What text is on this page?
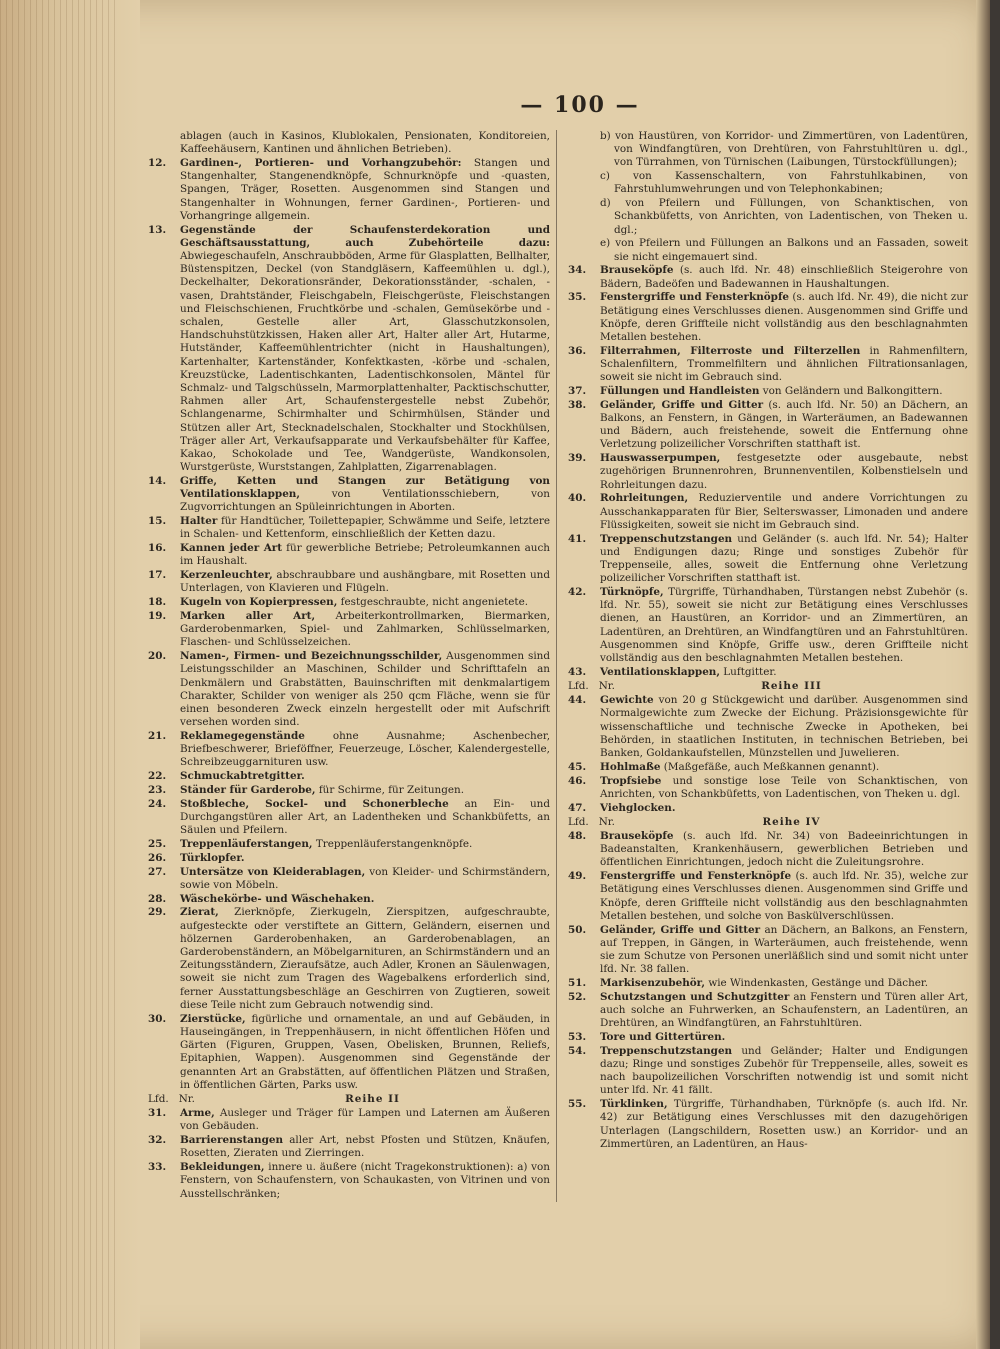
— 100 —
ablagen (auch in Kasinos, Klublokalen, Pensionaten, Konditoreien, Kaffeehäusern, Kantinen und ähnlichen Betrieben).
12. Gardinen-, Portieren- und Vorhangzubehör: Stangen und Stangenhalter, Stangenendknöpfe, Schnurknöpfe und -quasten, Spangen, Träger, Rosetten. Ausgenommen sind Stangen und Stangenhalter in Wohnungen, ferner Gardinen-, Portieren- und Vorhangringe allgemein.
13. Gegenstände der Schaufensterdekoration und Geschäftsausstattung, auch Zubehörteile dazu: Abwiegeschaufeln, Anschraubböden, Arme für Glasplatten, Bellhalter, Büstenspitzen, Deckel (von Standgläsern, Kaffeemühlen u. dgl.), Deckelhalter, Dekorationsränder, Dekorationsständer, -schalen, -vasen, Drahtständer, Fleischgabeln, Fleischgerüste, Fleischstangen und Fleischschienen, Fruchtkörbe und -schalen, Gemüsekörbe und -schalen, Gestelle aller Art, Glasschutzkonsolen, Handschuhstützkissen, Haken aller Art, Halter aller Art, Hutarme, Hutständer, Kaffeemühlentrichter (nicht in Haushaltungen), Kartenhalter, Kartenständer, Konfektkasten, -körbe und -schalen, Kreuzstücke, Ladentischkanten, Ladentischkonsolen, Mäntel für Schmalz- und Talgschüsseln, Marmorplattenhalter, Packtischschutter, Rahmen aller Art, Schaufenstergestelle nebst Zubehör, Schlangenarme, Schirmhalter und Schirmhülsen, Ständer und Stützen aller Art, Stecknadelschalen, Stockhalter und Stockhülsen, Träger aller Art, Verkaufsapparate und Verkaufsbehälter für Kaffee, Kakao, Schokolade und Tee, Wandgerüste, Wandkonsolen, Wurstgerüste, Wurststangen, Zahlplatten, Zigarrenablagen.
14. Griffe, Ketten und Stangen zur Betätigung von Ventilationsklappen, von Ventilationsschiebern, von Zugvorrichtungen an Spüleinrichtungen in Aborten.
15. Halter für Handtücher, Toilettepapier, Schwämme und Seife, letztere in Schalen- und Kettenform, einschließlich der Ketten dazu.
16. Kannen jeder Art für gewerbliche Betriebe; Petroleumkannen auch im Haushalt.
17. Kerzenleuchter, abschraubbare und aushängbare, mit Rosetten und Unterlagen, von Klavieren und Flügeln.
18. Kugeln von Kopierpressen, festgeschraubte, nicht angenietete.
19. Marken aller Art, Arbeiterkontrollmarken, Biermarken, Garderobenmarken, Spiel- und Zahlmarken, Schlüsselmarken, Flaschen- und Schlüsselzeichen.
20. Namen-, Firmen- und Bezeichnungsschilder, Ausgenommen sind Leistungsschilder an Maschinen, Schilder und Schrifttafeln an Denkmälern und Grabstätten, Bauinschriften mit denkmalartigem Charakter, Schilder von weniger als 250 qcm Fläche, wenn sie für einen besonderen Zweck einzeln hergestellt oder mit Aufschrift versehen worden sind.
21. Reklamegegenstände ohne Ausnahme; Aschenbecher, Briefbeschwerer, Brieföffner, Feuerzeuge, Löscher, Kalendergestelle, Schreibzeuggarnituren usw.
22. Schmuckabtretgitter.
23. Ständer für Garderobe, für Schirme, für Zeitungen.
24. Stoßbleche, Sockel- und Schonerbleche an Ein- und Durchgangstüren aller Art, an Ladentheken und Schankbüfetts, an Säulen und Pfeilern.
25. Treppenläuferstangen, Treppenläuferstangenknöpfe.
26. Türklopfer.
27. Untersätze von Kleiderablagen, von Kleider- und Schirmständern, sowie von Möbeln.
28. Wäschekörbe- und Wäschehaken.
29. Zierat, Zierknöpfe, Zierkugeln, Zierspitzen, aufgeschraubte, aufgesteckte oder verstiftete an Gittern, Geländern, eisernen und hölzernen Garderobenhaken, an Garderobenablagen, an Garderobenständern, an Möbelgarnituren, an Schirmständern und an Zeitungsständern, Zieraufsätze, auch Adler, Kronen an Säulenwagen, soweit sie nicht zum Tragen des Wagebalkens erforderlich sind, ferner Ausstattungsbeschläge an Geschirren von Zugtieren, soweit diese Teile nicht zum Gebrauch notwendig sind.
30. Zierstücke, figürliche und ornamentale, an und auf Gebäuden, in Hauseingängen, in Treppenhäusern, in nicht öffentlichen Höfen und Gärten (Figuren, Gruppen, Vasen, Obelisken, Brunnen, Reliefs, Epitaphien, Wappen). Ausgenommen sind Gegenstände der genannten Art an Grabstätten, auf öffentlichen Plätzen und Straßen, in öffentlichen Gärten, Parks usw.
Lfd. Nr.	Reihe II
31. Arme, Ausleger und Träger für Lampen und Laternen am Äußeren von Gebäuden.
32. Barrierenstangen aller Art, nebst Pfosten und Stützen, Knäufen, Rosetten, Zieraten und Zierringen.
33. Bekleidungen, innere u. äußere (nicht Tragekonstruktionen): a) von Fenstern, von Schaufenstern, von Schaukasten, von Vitrinen und von Ausstellschränken;
b) von Haustüren, von Korridor- und Zimmertüren, von Ladentüren, von Windfangtüren, von Drehtüren, von Fahrstuhltüren u. dgl., von Türrahmen, von Türnischen (Laibungen, Türstockfüllungen);
c) von Kassenschaltern, von Fahrstuhlkabinen, von Fahrstuhlumwehrungen und von Telephonkabinen;
d) von Pfeilern und Füllungen, von Schanktischen, von Schankbüfetts, von Anrichten, von Ladentischen, von Theken u. dgl.;
e) von Pfeilern und Füllungen an Balkons und an Fassaden, soweit sie nicht eingemauert sind.
34. Brauseköpfe (s. auch lfd. Nr. 48) einschließlich Steigerohre von Bädern, Badeöfen und Badewannen in Haushaltungen.
35. Fenstergriffe und Fensterknöpfe (s. auch lfd. Nr. 49), die nicht zur Betätigung eines Verschlusses dienen. Ausgenommen sind Griffe und Knöpfe, deren Griffteile nicht vollständig aus den beschlagnahmten Metallen bestehen.
36. Filterrahmen, Filterroste und Filterzellen in Rahmenfiltern, Schalenfiltern, Trommelfiltern und ähnlichen Filtrationsanlagen, soweit sie nicht im Gebrauch sind.
37. Füllungen und Handleisten von Geländern und Balkongittern.
38. Geländer, Griffe und Gitter (s. auch lfd. Nr. 50) an Dächern, an Balkons, an Fenstern, in Gängen, in Warteräumen, an Badewannen und Bädern, auch freistehende, soweit die Entfernung ohne Verletzung polizeilicher Vorschriften statthaft ist.
39. Hauswasserpumpen, festgesetzte oder ausgebaute, nebst zugehörigen Brunnenrohren, Brunnenventilen, Kolbenstielseln und Rohrleitungen dazu.
40. Rohrleitungen, Reduzierventile und andere Vorrichtungen zu Ausschankapparaten für Bier, Selterswasser, Limonaden und andere Flüssigkeiten, soweit sie nicht im Gebrauch sind.
41. Treppenschutzstangen und Geländer (s. auch lfd. Nr. 54); Halter und Endigungen dazu; Ringe und sonstiges Zubehör für Treppenseile, alles, soweit die Entfernung ohne Verletzung polizeilicher Vorschriften statthaft ist.
42. Türknöpfe, Türgriffe, Türhandhaben, Türstangen nebst Zubehör (s. lfd. Nr. 55), soweit sie nicht zur Betätigung eines Verschlusses dienen, an Haustüren, an Korridor- und an Zimmertüren, an Ladentüren, an Drehtüren, an Windfangtüren und an Fahrstuhltüren. Ausgenommen sind Knöpfe, Griffe usw., deren Griffteile nicht vollständig aus den beschlagnahmten Metallen bestehen.
43. Ventilationsklappen, Luftgitter.
Lfd. Nr.	Reihe III
44. Gewichte von 20 g Stückgewicht und darüber. Ausgenommen sind Normalgewichte zum Zwecke der Eichung. Präzisionsgewichte für wissenschaftliche und technische Zwecke in Apotheken, bei Behörden, in staatlichen Instituten, in technischen Betrieben, bei Banken, Goldankaufstellen, Münzstellen und Juwelieren.
45. Hohlmaße (Maßgefäße, auch Meßkannen genannt).
46. Tropfsiebe und sonstige lose Teile von Schanktischen, von Anrichten, von Schankbüfetts, von Ladentischen, von Theken u. dgl.
47. Viehglocken.
Lfd. Nr.	Reihe IV
48. Brauseköpfe (s. auch lfd. Nr. 34) von Badeeinrichtungen in Badeanstalten, Krankenhäusern, gewerblichen Betrieben und öffentlichen Einrichtungen, jedoch nicht die Zuleitungsrohre.
49. Fenstergriffe und Fensterknöpfe (s. auch lfd. Nr. 35), welche zur Betätigung eines Verschlusses dienen. Ausgenommen sind Griffe und Knöpfe, deren Griffteile nicht vollständig aus den beschlagnahmten Metallen bestehen, und solche von Baskülverschlüssen.
50. Geländer, Griffe und Gitter an Dächern, an Balkons, an Fenstern, auf Treppen, in Gängen, in Warteräumen, auch freistehende, wenn sie zum Schutze von Personen unerläßlich sind und somit nicht unter lfd. Nr. 38 fallen.
51. Markisenzubehör, wie Windenkasten, Gestänge und Dächer.
52. Schutzstangen und Schutzgitter an Fenstern und Türen aller Art, auch solche an Fuhrwerken, an Schaufenstern, an Ladentüren, an Drehtüren, an Windfangtüren, an Fahrstuhltüren.
53. Tore und Gittertüren.
54. Treppenschutzstangen und Geländer; Halter und Endigungen dazu; Ringe und sonstiges Zubehör für Treppenseile, alles, soweit es nach baupolizeilichen Vorschriften notwendig ist und somit nicht unter lfd. Nr. 41 fällt.
55. Türklinken, Türgriffe, Türhandhaben, Türknöpfe (s. auch lfd. Nr. 42) zur Betätigung eines Verschlusses mit den dazugehörigen Unterlagen (Langschildern, Rosetten usw.) an Korridor- und an Zimmertüren, an Ladentüren, an Haus-
